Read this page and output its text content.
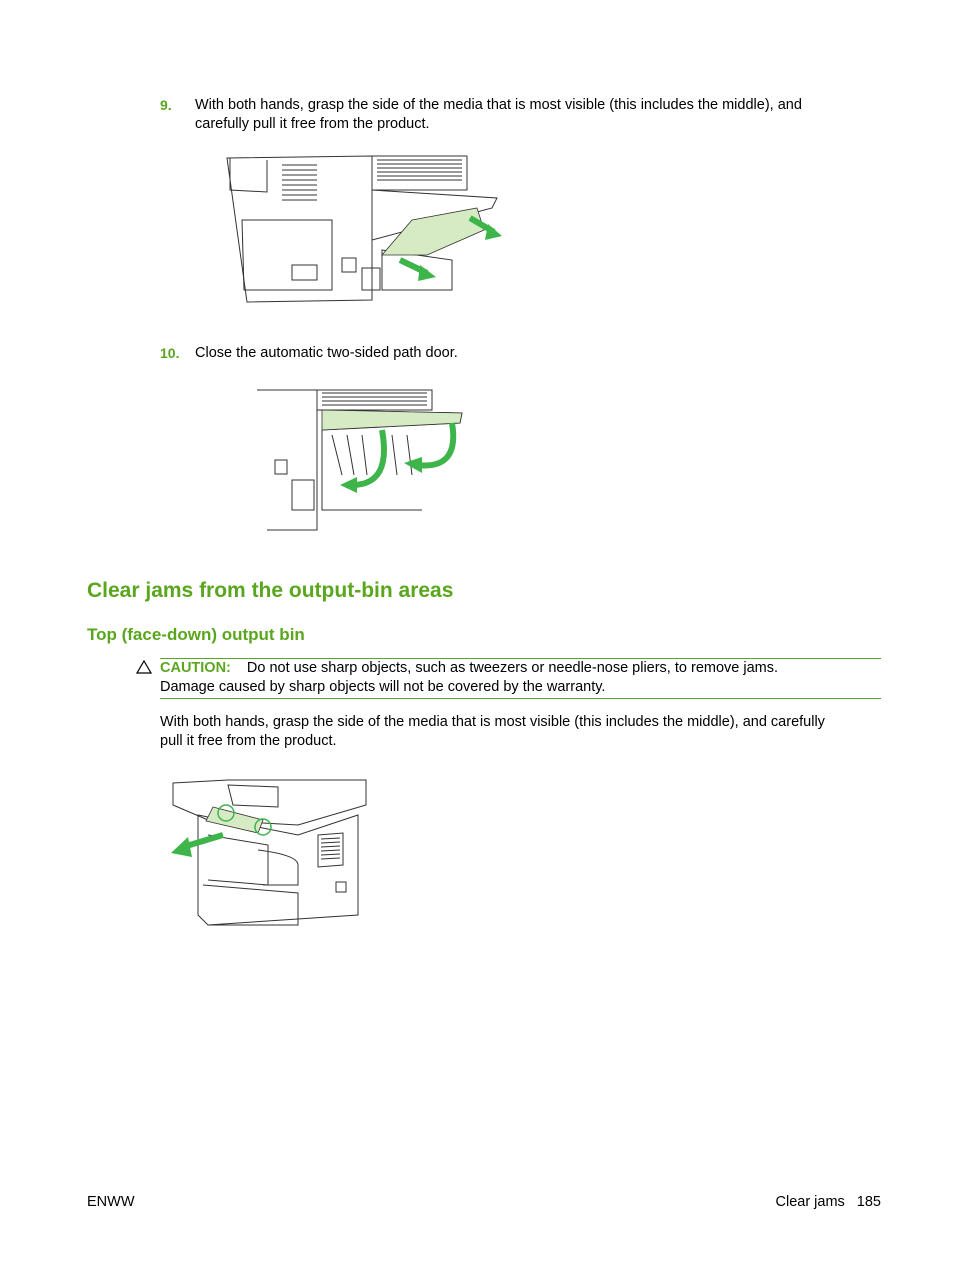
9. With both hands, grasp the side of the media that is most visible (this includes the middle), and
carefully pull it free from the product.
10. Close the automatic two-sided path door.
Clear jams from the output-bin areas
Top (face-down) output bin
CAUTION: Do not use sharp objects, such as tweezers or needle-nose pliers, to remove jams.
Damage caused by sharp objects will not be covered by the warranty.
With both hands, grasp the side of the media that is most visible (this includes the middle), and carefully
pull it free from the product.
ENWW	Clear jams 185
